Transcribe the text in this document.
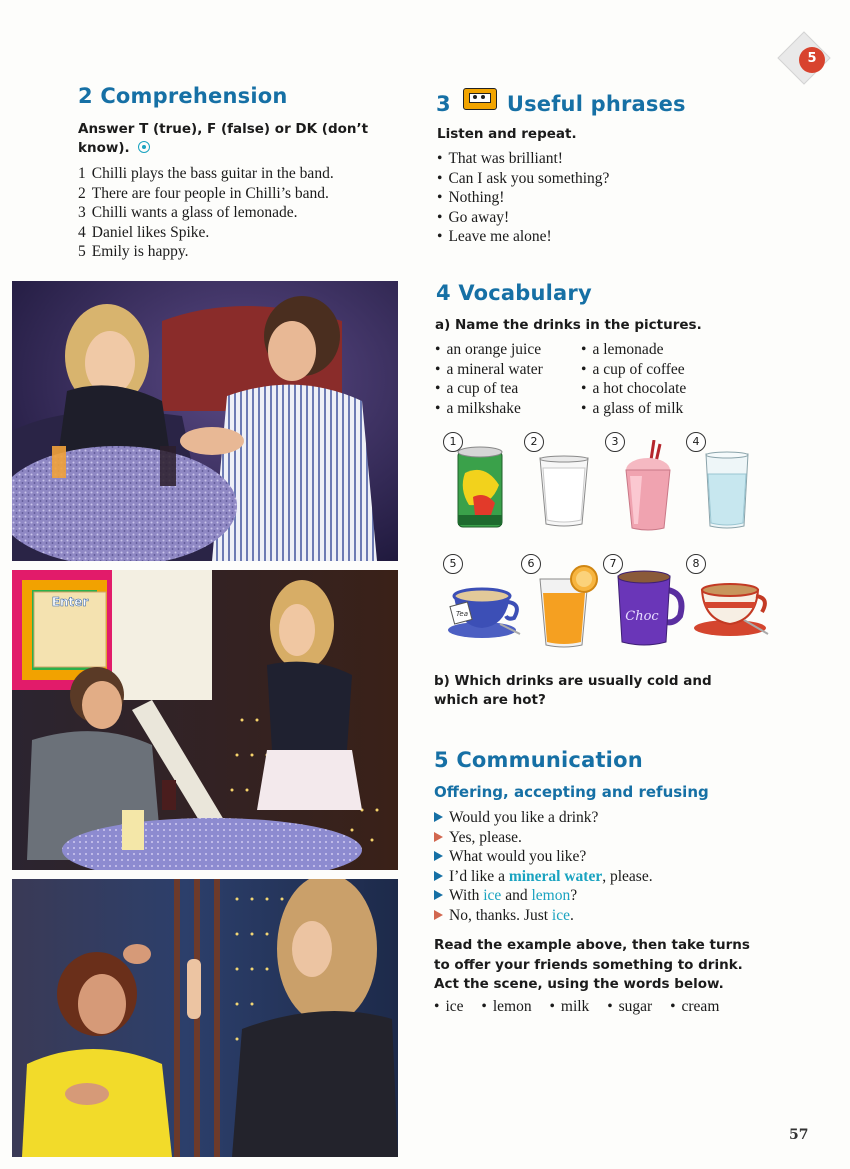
5
2 Comprehension
Answer T (true), F (false) or DK (don’t know).
1 Chilli plays the bass guitar in the band.
2 There are four people in Chilli’s band.
3 Chilli wants a glass of lemonade.
4 Daniel likes Spike.
5 Emily is happy.
Enter
3	Useful phrases
Listen and repeat.
• That was brilliant!
• Can I ask you something?
• Nothing!
• Go away!
• Leave me alone!
4 Vocabulary
a) Name the drinks in the pictures.
• an orange juice
• a mineral water
• a cup of tea
• a milkshake
• a lemonade
• a cup of coffee
• a hot chocolate
• a glass of milk
1	2	3	4
5	6	7	8
Tea	Choc
b) Which drinks are usually cold and which are hot?
5 Communication
Offering, accepting and refusing
Would you like a drink?
Yes, please.
What would you like?
I’d like a mineral water, please.
With ice and lemon?
No, thanks. Just ice.
Read the example above, then take turns to offer your friends something to drink. Act the scene, using the words below.
• ice • lemon • milk • sugar • cream
57
